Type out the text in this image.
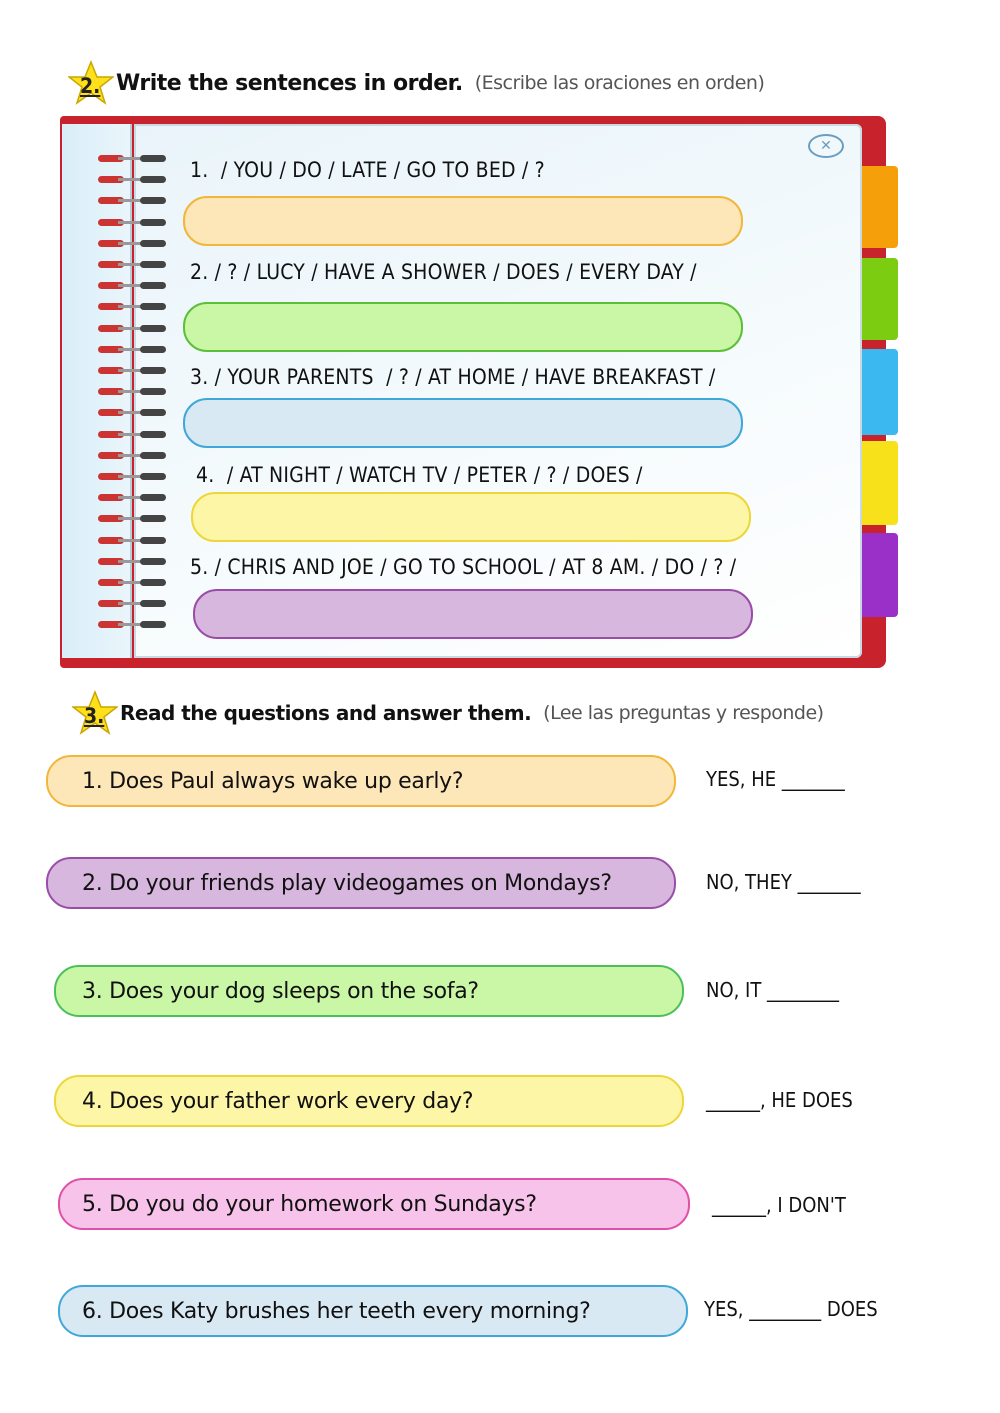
2. Write the sentences in order. (Escribe las oraciones en orden)
✕
1.  / YOU / DO / LATE / GO TO BED / ?
2. / ? / LUCY / HAVE A SHOWER / DOES / EVERY DAY /
3. / YOUR PARENTS  / ? / AT HOME / HAVE BREAKFAST /
4.  / AT NIGHT / WATCH TV / PETER / ? / DOES /
5. / CHRIS AND JOE / GO TO SCHOOL / AT 8 AM. / DO / ? /
3. Read the questions and answer them. (Lee las preguntas y responde)
1. Does Paul always wake up early?	YES, HE _______
2. Do your friends play videogames on Mondays?	NO, THEY _______
3. Does your dog sleeps on the sofa?	NO, IT ________
4. Does your father work every day?	______, HE DOES
5. Do you do your homework on Sundays?	______, I DON'T
6. Does Katy brushes her teeth every morning?	YES, ________ DOES
